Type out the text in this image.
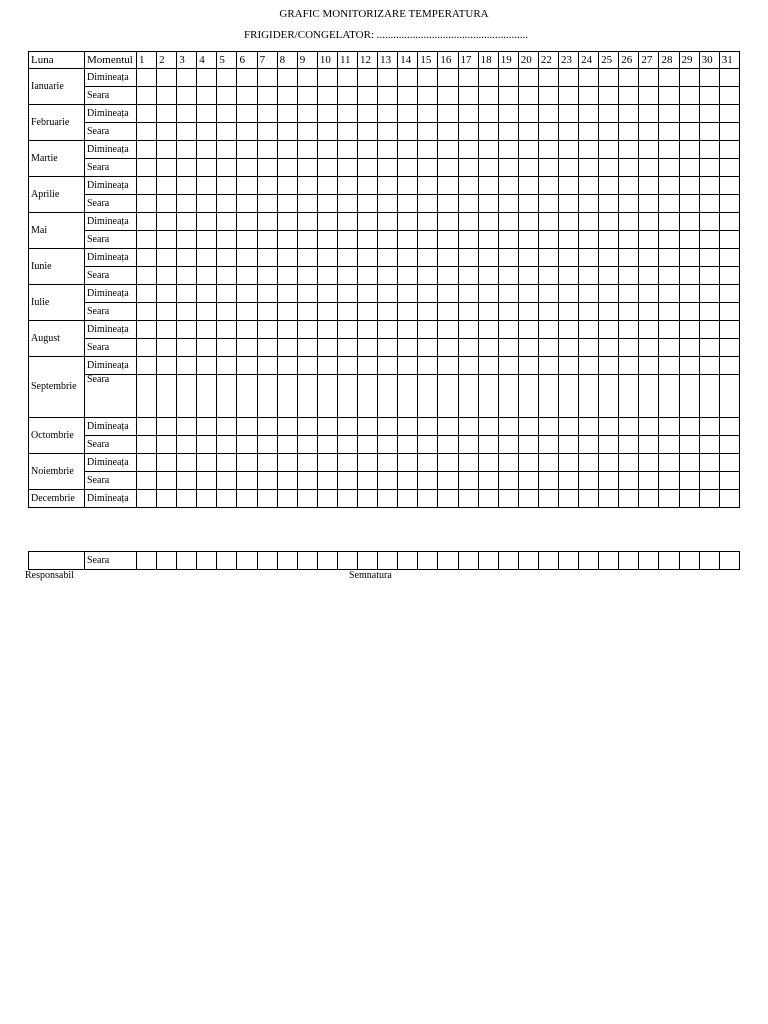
GRAFIC MONITORIZARE TEMPERATURA
FRIGIDER/CONGELATOR: .......................................................
Luna	Momentul	1	2	3	4	5	6	7	8	9	10	11	12	13	14	15	16	17	18	19	20	22	23	24	25	26	27	28	29	30	31
Ianuarie	Dimineața																														
	Seara																														
Februarie	Dimineața																														
	Seara																														
Martie	Dimineața																														
	Seara																														
Aprilie	Dimineața																														
	Seara																														
Mai	Dimineața																														
	Seara																														
Iunie	Dimineața																														
	Seara																														
Iulie	Dimineața																														
	Seara																														
August	Dimineața																														
	Seara																														
Septembrie	Dimineața																														
	Seara																														
Octombrie	Dimineața																														
	Seara																														
Noiembrie	Dimineața																														
	Seara																														
Decembrie	Dimineața																														
	Seara																														
Responsabil	Semnatura
